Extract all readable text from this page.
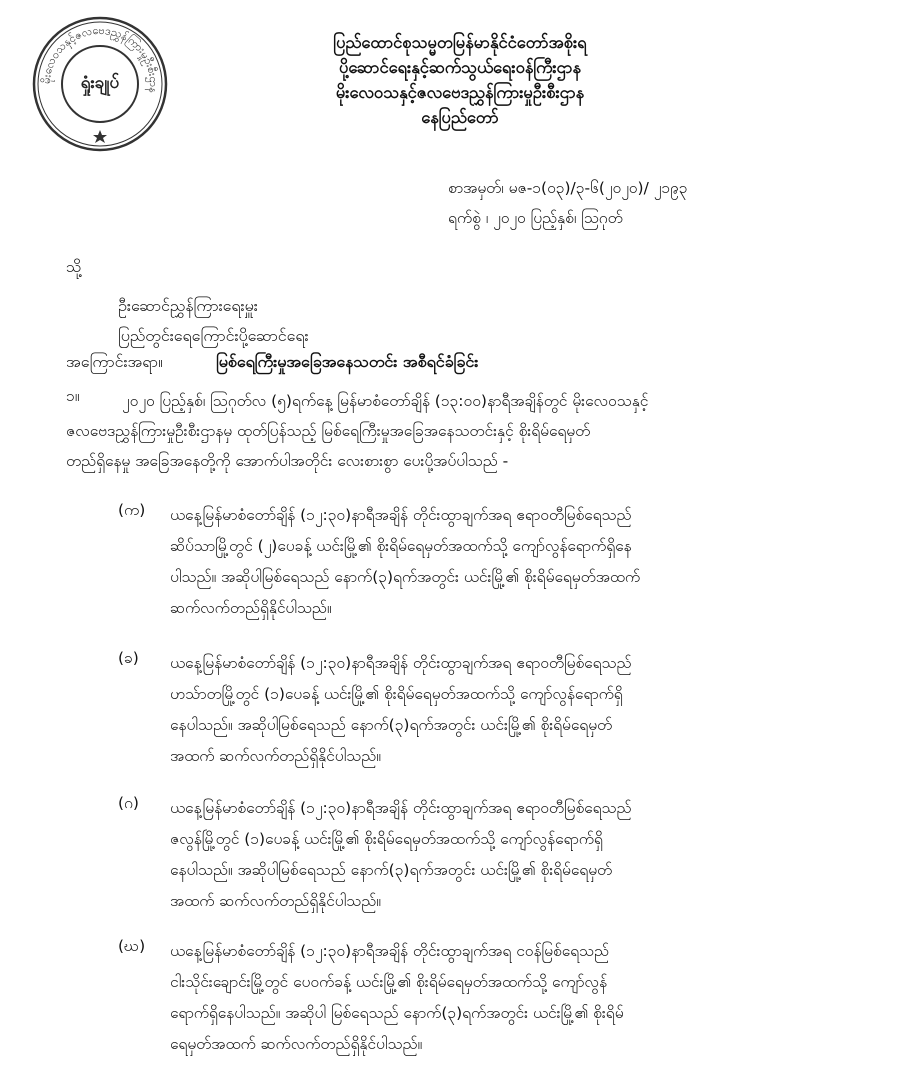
မိုးလေဝသနှင့်ဇလဗေဒညွှန်ကြားမှုဦးစီးဌာန
ရှုံးချုပ်
ပြည်ထောင်စုသမ္မတမြန်မာနိုင်ငံတော်အစိုးရ
ပို့ဆောင်ရေးနှင့်ဆက်သွယ်ရေးဝန်ကြီးဌာန
မိုးလေဝသနှင့်ဇလဗေဒညွှန်ကြားမှုဦးစီးဌာန
နေပြည်တော်
စာအမှတ်၊ မဇ-၁(၀၃)/၃-၆(၂၀၂၀)/ ၂၁၉၃
ရက်စွဲ ၊ ၂၀၂၀ ပြည့်နှစ်၊ ဩဂုတ်
သို့
ဦးဆောင်ညွှန်ကြားရေးမှူး
ပြည်တွင်းရေကြောင်းပို့ဆောင်ရေး
အကြောင်းအရာ။	မြစ်ရေကြီးမှုအခြေအနေသတင်း အစီရင်ခံခြင်း
၁။	၂၀၂၀ ပြည့်နှစ်၊ ဩဂုတ်လ (၅)ရက်နေ့ မြန်မာစံတော်ချိန် (၁၃:၀၀)နာရီအချိန်တွင် မိုးလေဝသနှင့်
ဇလဗေဒညွှန်ကြားမှုဦးစီးဌာနမှ ထုတ်ပြန်သည့် မြစ်ရေကြီးမှုအခြေအနေသတင်းနှင့် စိုးရိမ်ရေမှတ်
တည်ရှိနေမှု အခြေအနေတို့ကို အောက်ပါအတိုင်း လေးစားစွာ ပေးပို့အပ်ပါသည် -
(က)	ယနေ့မြန်မာစံတော်ချိန် (၁၂:၃၀)နာရီအချိန် တိုင်းထွာချက်အရ ဧရာဝတီမြစ်ရေသည်
ဆိပ်သာမြို့တွင် (၂)ပေခန့် ယင်းမြို့၏ စိုးရိမ်ရေမှတ်အထက်သို့ ကျော်လွန်ရောက်ရှိနေ
ပါသည်။ အဆိုပါမြစ်ရေသည် နောက်(၃)ရက်အတွင်း ယင်းမြို့၏ စိုးရိမ်ရေမှတ်အထက်
ဆက်လက်တည်ရှိနိုင်ပါသည်။
(ခ)	ယနေ့မြန်မာစံတော်ချိန် (၁၂:၃၀)နာရီအချိန် တိုင်းထွာချက်အရ ဧရာဝတီမြစ်ရေသည်
ဟသ်ာတမြို့တွင် (၁)ပေခန့် ယင်းမြို့၏ စိုးရိမ်ရေမှတ်အထက်သို့ ကျော်လွန်ရောက်ရှိ
နေပါသည်။ အဆိုပါမြစ်ရေသည် နောက်(၃)ရက်အတွင်း ယင်းမြို့၏ စိုးရိမ်ရေမှတ်
အထက် ဆက်လက်တည်ရှိနိုင်ပါသည်။
(ဂ)	ယနေ့မြန်မာစံတော်ချိန် (၁၂:၃၀)နာရီအချိန် တိုင်းထွာချက်အရ ဧရာဝတီမြစ်ရေသည်
ဇလွန်မြို့တွင် (၁)ပေခန့် ယင်းမြို့၏ စိုးရိမ်ရေမှတ်အထက်သို့ ကျော်လွန်ရောက်ရှိ
နေပါသည်။ အဆိုပါမြစ်ရေသည် နောက်(၃)ရက်အတွင်း ယင်းမြို့၏ စိုးရိမ်ရေမှတ်
အထက် ဆက်လက်တည်ရှိနိုင်ပါသည်။
(ဃ)	ယနေ့မြန်မာစံတော်ချိန် (၁၂:၃၀)နာရီအချိန် တိုင်းထွာချက်အရ ငဝန်မြစ်ရေသည်
ငါးသိုင်းချောင်းမြို့တွင် ပေဝက်ခန့် ယင်းမြို့၏ စိုးရိမ်ရေမှတ်အထက်သို့ ကျော်လွန်
ရောက်ရှိနေပါသည်။ အဆိုပါ မြစ်ရေသည် နောက်(၃)ရက်အတွင်း ယင်းမြို့၏ စိုးရိမ်
ရေမှတ်အထက် ဆက်လက်တည်ရှိနိုင်ပါသည်။
